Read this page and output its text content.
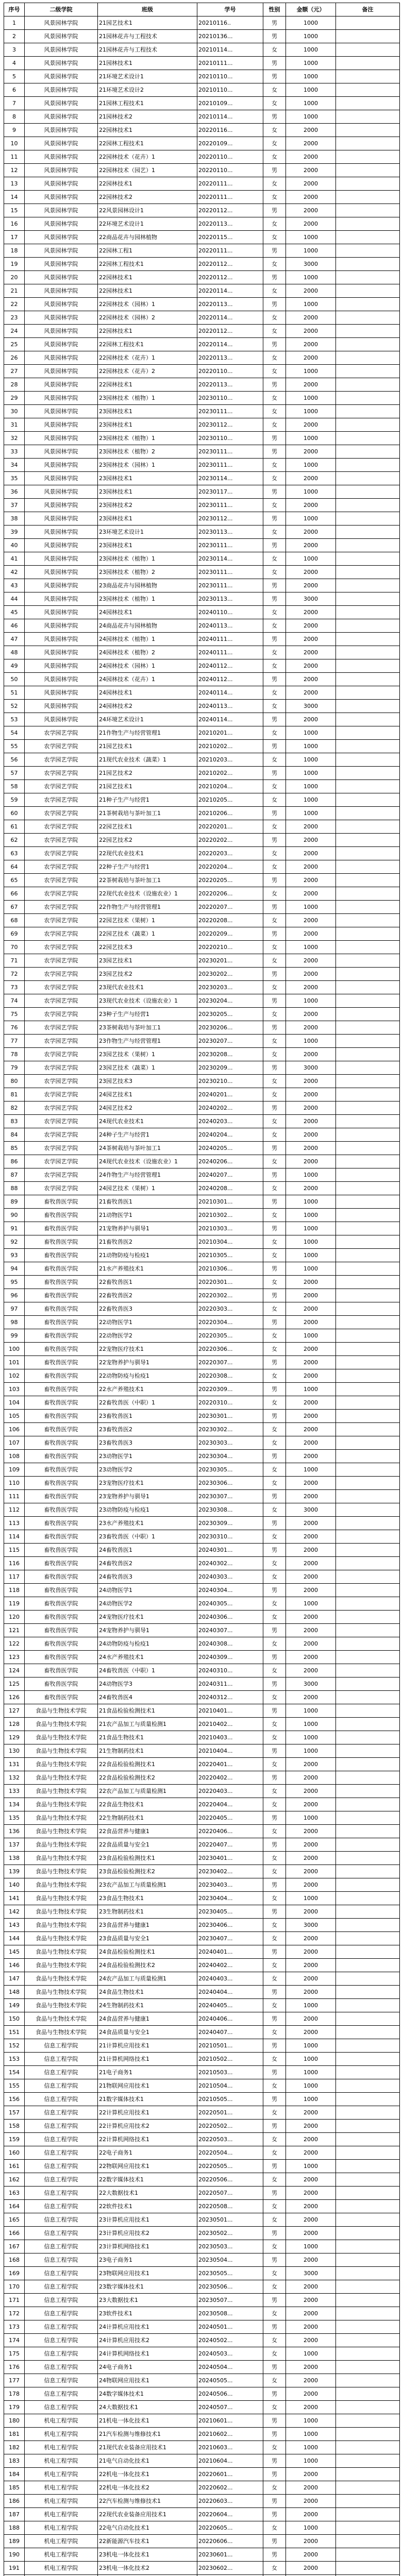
序号	二级学院	班级	学号	性别	金额（元）	备注
1	风景园林学院	21园艺技术1	20210116..	男	1000	
2	风景园林学院	21园林花卉与工程技术	20210136...	男	1000	
3	风景园林学院	21园林花卉与工程技术	20210114...	女	1000	
4	风景园林学院	21园林技术1	20210111...	男	1000	
5	风景园林学院	21环境艺术设计1	20210110...	男	1000	
6	风景园林学院	21环境艺术设计2	20210110...	女	1000	
7	风景园林学院	21园林工程技术1	20210109...	女	1000	
8	风景园林学院	21园林技术2	20210114...	男	1000	
9	风景园林学院	22园林技术1	20220116...	女	2000	
10	风景园林学院	22园林工程技术1	20220109...	女	2000	
11	风景园林学院	22园林技术（花卉）1	20220110...	女	2000	
12	风景园林学院	22园林技术（园艺）1	20220110...	男	2000	
13	风景园林学院	22园林技术1	20220111...	女	2000	
14	风景园林学院	22园林技术2	20220111...	女	2000	
15	风景园林学院	22风景园林设计1	20220112...	男	2000	
16	风景园林学院	22环境艺术设计1	20220113...	女	2000	
17	风景园林学院	22商品花卉与园林植物	20220115...	女	1000	
18	风景园林学院	22园林工程1	20220111...	男	1000	
19	风景园林学院	22园林工程技术1	20220112...	女	3000	
20	风景园林学院	22园林技术1	20220112...	男	1000	
21	风景园林学院	22园林技术1	20220114...	女	2000	
22	风景园林学院	22园林技术（园林）1	20220113...	男	1000	
23	风景园林学院	22园林技术（园林）2	20220114...	女	2000	
24	风景园林学院	22园林技术1	20220112...	女	2000	
25	风景园林学院	22园林工程技术1	20220114...	男	2000	
26	风景园林学院	22园林技术（花卉）1	20220113...	女	2000	
27	风景园林学院	22园林技术（花卉）2	20220110...	女	1000	
28	风景园林学院	22园林技术1	20220113...	男	2000	
29	风景园林学院	23园林技术（植物）1	20230110...	女	1000	
30	风景园林学院	23园林技术1	20230111...	女	1000	
31	风景园林学院	23园林技术1	20230112...	女	2000	
32	风景园林学院	23园林技术（植物）1	20230110...	男	1000	
33	风景园林学院	23园林技术（植物）2	20230111...	男	2000	
34	风景园林学院	23园林技术（园林）1	20230111...	女	1000	
35	风景园林学院	23园林技术1	20230114...	女	2000	
36	风景园林学院	23园林技术1	20230117...	男	1000	
37	风景园林学院	23园林技术2	20230111...	女	2000	
38	风景园林学院	23园林技术1	20230112...	男	1000	
39	风景园林学院	23环境艺术设计1	20230113...	女	2000	
40	风景园林学院	23园林技术1	20230111...	男	2000	
41	风景园林学院	23园林技术（植物）1	20230114...	女	1000	
42	风景园林学院	23园林技术（植物）2	20230111...	女	2000	
43	风景园林学院	23商品花卉与园林植物	20230111...	男	2000	
44	风景园林学院	23园林技术（植物）1	20230113...	男	3000	
45	风景园林学院	24园林技术1	20240110...	女	2000	
46	风景园林学院	24商品花卉与园林植物	20240113...	女	2000	
47	风景园林学院	24园林技术（植物）1	20240111...	男	2000	
48	风景园林学院	24园林技术（植物）2	20240111...	女	2000	
49	风景园林学院	24园林技术（园林）1	20240112...	女	2000	
50	风景园林学院	24园林技术（花卉）1	20240112...	男	2000	
51	风景园林学院	24园林技术1	20240114...	女	2000	
52	风景园林学院	24园林技术2	20240113...	女	3000	
53	风景园林学院	24环境艺术设计1	20240114...	男	2000	
54	农学园艺学院	21作物生产与经营管理1	20210201...	女	1000	
55	农学园艺学院	21园艺技术1	20210202...	男	1000	
56	农学园艺学院	21现代农业技术（蔬菜）1	20210203...	女	1000	
57	农学园艺学院	21园艺技术2	20210202...	男	1000	
58	农学园艺学院	21园艺技术1	20210204...	女	1000	
59	农学园艺学院	21种子生产与经营1	20210205...	女	1000	
60	农学园艺学院	21茶树栽培与茶叶加工1	20210206...	男	1000	
61	农学园艺学院	22园艺技术1	20220201...	女	2000	
62	农学园艺学院	22园艺技术2	20220202...	男	2000	
63	农学园艺学院	22现代农业技术1	20220203...	女	2000	
64	农学园艺学院	22种子生产与经营1	20220204...	女	2000	
65	农学园艺学院	22茶树栽培与茶叶加工1	20220205...	男	2000	
66	农学园艺学院	22现代农业技术（设施农业）1	20220206...	女	2000	
67	农学园艺学院	22作物生产与经营管理1	20220207...	男	1000	
68	农学园艺学院	22园艺技术（果树）1	20220208...	女	2000	
69	农学园艺学院	22园艺技术（蔬菜）1	20220209...	男	2000	
70	农学园艺学院	22园艺技术3	20220210...	女	1000	
71	农学园艺学院	23园艺技术1	20230201...	女	2000	
72	农学园艺学院	23园艺技术2	20230202...	男	2000	
73	农学园艺学院	23现代农业技术1	20230203...	女	2000	
74	农学园艺学院	23现代农业技术（设施农业）1	20230204...	男	1000	
75	农学园艺学院	23种子生产与经营1	20230205...	女	2000	
76	农学园艺学院	23茶树栽培与茶叶加工1	20230206...	男	2000	
77	农学园艺学院	23作物生产与经营管理1	20230207...	女	1000	
78	农学园艺学院	23园艺技术（果树）1	20230208...	女	2000	
79	农学园艺学院	23园艺技术（蔬菜）1	20230209...	男	3000	
80	农学园艺学院	23园艺技术3	20230210...	女	2000	
81	农学园艺学院	24园艺技术1	20240201...	女	2000	
82	农学园艺学院	24园艺技术2	20240202...	男	2000	
83	农学园艺学院	24现代农业技术1	20240203...	女	2000	
84	农学园艺学院	24种子生产与经营1	20240204...	女	2000	
85	农学园艺学院	24茶树栽培与茶叶加工1	20240205...	男	2000	
86	农学园艺学院	24现代农业技术（设施农业）1	20240206...	女	2000	
87	农学园艺学院	24作物生产与经营管理1	20240207...	男	1000	
88	农学园艺学院	24园艺技术（果树）1	20240208...	女	2000	
89	畜牧兽医学院	21畜牧兽医1	20210301...	男	1000	
90	畜牧兽医学院	21动物医学1	20210302...	女	1000	
91	畜牧兽医学院	21宠物养护与驯导1	20210303...	男	1000	
92	畜牧兽医学院	21畜牧兽医2	20210304...	女	1000	
93	畜牧兽医学院	21动物防疫与检疫1	20210305...	女	1000	
94	畜牧兽医学院	21水产养殖技术1	20210306...	男	1000	
95	畜牧兽医学院	22畜牧兽医1	20220301...	女	2000	
96	畜牧兽医学院	22畜牧兽医2	20220302...	男	2000	
97	畜牧兽医学院	22畜牧兽医3	20220303...	女	2000	
98	畜牧兽医学院	22动物医学1	20220304...	男	2000	
99	畜牧兽医学院	22动物医学2	20220305...	女	1000	
100	畜牧兽医学院	22宠物医疗技术1	20220306...	女	2000	
101	畜牧兽医学院	22宠物养护与驯导1	20220307...	男	2000	
102	畜牧兽医学院	22动物防疫与检疫1	20220308...	女	2000	
103	畜牧兽医学院	22水产养殖技术1	20220309...	男	1000	
104	畜牧兽医学院	22畜牧兽医（中职）1	20220310...	女	2000	
105	畜牧兽医学院	23畜牧兽医1	20230301...	男	2000	
106	畜牧兽医学院	23畜牧兽医2	20230302...	女	2000	
107	畜牧兽医学院	23畜牧兽医3	20230303...	女	2000	
108	畜牧兽医学院	23动物医学1	20230304...	男	2000	
109	畜牧兽医学院	23动物医学2	20230305...	女	1000	
110	畜牧兽医学院	23宠物医疗技术1	20230306...	女	2000	
111	畜牧兽医学院	23宠物养护与驯导1	20230307...	男	2000	
112	畜牧兽医学院	23动物防疫与检疫1	20230308...	女	3000	
113	畜牧兽医学院	23水产养殖技术1	20230309...	男	2000	
114	畜牧兽医学院	23畜牧兽医（中职）1	20230310...	女	2000	
115	畜牧兽医学院	24畜牧兽医1	20240301...	男	2000	
116	畜牧兽医学院	24畜牧兽医2	20240302...	女	2000	
117	畜牧兽医学院	24畜牧兽医3	20240303...	女	2000	
118	畜牧兽医学院	24动物医学1	20240304...	男	2000	
119	畜牧兽医学院	24动物医学2	20240305...	女	1000	
120	畜牧兽医学院	24宠物医疗技术1	20240306...	女	2000	
121	畜牧兽医学院	24宠物养护与驯导1	20240307...	男	2000	
122	畜牧兽医学院	24动物防疫与检疫1	20240308...	女	2000	
123	畜牧兽医学院	24水产养殖技术1	20240309...	男	2000	
124	畜牧兽医学院	24畜牧兽医（中职）1	20240310...	女	2000	
125	畜牧兽医学院	24动物医学3	20240311...	男	3000	
126	畜牧兽医学院	24畜牧兽医4	20240312...	女	2000	
127	食品与生物技术学院	21食品检验检测技术1	20210401...	男	1000	
128	食品与生物技术学院	21农产品加工与质量检测1	20210402...	女	1000	
129	食品与生物技术学院	21食品生物技术1	20210403...	女	1000	
130	食品与生物技术学院	21生物制药技术1	20210404...	男	1000	
131	食品与生物技术学院	22食品检验检测技术1	20220401...	女	2000	
132	食品与生物技术学院	22食品检验检测技术2	20220402...	男	2000	
133	食品与生物技术学院	22农产品加工与质量检测1	20220403...	女	2000	
134	食品与生物技术学院	22食品生物技术1	20220404...	女	2000	
135	食品与生物技术学院	22生物制药技术1	20220405...	男	1000	
136	食品与生物技术学院	22食品营养与健康1	20220406...	女	2000	
137	食品与生物技术学院	22食品质量与安全1	20220407...	男	2000	
138	食品与生物技术学院	23食品检验检测技术1	20230401...	女	2000	
139	食品与生物技术学院	23食品检验检测技术2	20230402...	女	2000	
140	食品与生物技术学院	23农产品加工与质量检测1	20230403...	男	2000	
141	食品与生物技术学院	23食品生物技术1	20230404...	女	1000	
142	食品与生物技术学院	23生物制药技术1	20230405...	男	2000	
143	食品与生物技术学院	23食品营养与健康1	20230406...	女	3000	
144	食品与生物技术学院	23食品质量与安全1	20230407...	女	2000	
145	食品与生物技术学院	24食品检验检测技术1	20240401...	男	2000	
146	食品与生物技术学院	24食品检验检测技术2	20240402...	女	2000	
147	食品与生物技术学院	24农产品加工与质量检测1	20240403...	女	2000	
148	食品与生物技术学院	24食品生物技术1	20240404...	男	2000	
149	食品与生物技术学院	24生物制药技术1	20240405...	女	1000	
150	食品与生物技术学院	24食品营养与健康1	20240406...	男	2000	
151	食品与生物技术学院	24食品质量与安全1	20240407...	女	2000	
152	信息工程学院	21计算机应用技术1	20210501...	男	1000	
153	信息工程学院	21计算机网络技术1	20210502...	女	1000	
154	信息工程学院	21电子商务1	20210503...	男	1000	
155	信息工程学院	21物联网应用技术1	20210504...	女	1000	
156	信息工程学院	21数字媒体技术1	20210505...	男	1000	
157	信息工程学院	22计算机应用技术1	20220501...	女	2000	
158	信息工程学院	22计算机应用技术2	20220502...	男	2000	
159	信息工程学院	22计算机网络技术1	20220503...	女	2000	
160	信息工程学院	22电子商务1	20220504...	女	2000	
161	信息工程学院	22物联网应用技术1	20220505...	男	1000	
162	信息工程学院	22数字媒体技术1	20220506...	女	2000	
163	信息工程学院	22大数据技术1	20220507...	男	2000	
164	信息工程学院	22软件技术1	20220508...	女	2000	
165	信息工程学院	23计算机应用技术1	20230501...	女	2000	
166	信息工程学院	23计算机应用技术2	20230502...	男	2000	
167	信息工程学院	23计算机网络技术1	20230503...	女	1000	
168	信息工程学院	23电子商务1	20230504...	男	2000	
169	信息工程学院	23物联网应用技术1	20230505...	女	3000	
170	信息工程学院	23数字媒体技术1	20230506...	女	2000	
171	信息工程学院	23大数据技术1	20230507...	男	2000	
172	信息工程学院	23软件技术1	20230508...	女	2000	
173	信息工程学院	24计算机应用技术1	20240501...	男	2000	
174	信息工程学院	24计算机应用技术2	20240502...	女	2000	
175	信息工程学院	24计算机网络技术1	20240503...	女	1000	
176	信息工程学院	24电子商务1	20240504...	男	2000	
177	信息工程学院	24物联网应用技术1	20240505...	女	2000	
178	信息工程学院	24数字媒体技术1	20240506...	男	2000	
179	信息工程学院	24大数据技术1	20240507...	女	2000	
180	机电工程学院	21机电一体化技术1	20210601...	男	1000	
181	机电工程学院	21汽车检测与维修技术1	20210602...	男	1000	
182	机电工程学院	21现代农业装备应用技术1	20210603...	女	1000	
183	机电工程学院	21电气自动化技术1	20210604...	男	1000	
184	机电工程学院	22机电一体化技术1	20220601...	男	2000	
185	机电工程学院	22机电一体化技术2	20220602...	女	2000	
186	机电工程学院	22汽车检测与维修技术1	20220603...	男	2000	
187	机电工程学院	22现代农业装备应用技术1	20220604...	男	2000	
188	机电工程学院	22电气自动化技术1	20220605...	女	1000	
189	机电工程学院	22新能源汽车技术1	20220606...	男	2000	
190	机电工程学院	23机电一体化技术1	20230601...	男	2000	
191	机电工程学院	23机电一体化技术2	20230602...	女	2000	
